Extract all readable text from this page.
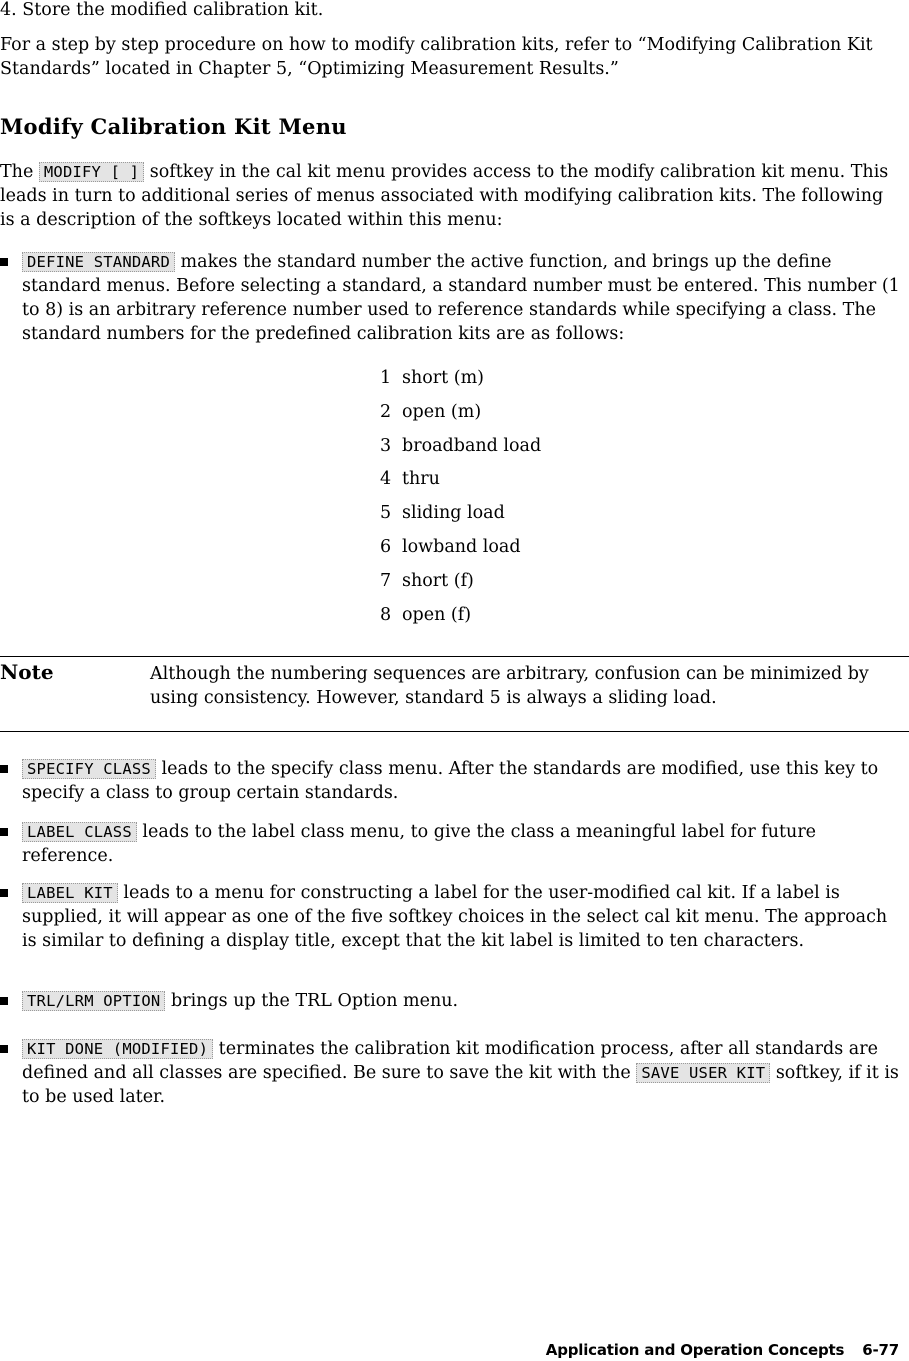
4. Store the modified calibration kit.

For a step by step procedure on how to modify calibration kits, refer to “Modifying Calibration Kit Standards” located in Chapter 5, “Optimizing Measurement Results.”

Modify Calibration Kit Menu

The MODIFY [ ] softkey in the cal kit menu provides access to the modify calibration kit menu. This leads in turn to additional series of menus associated with modifying calibration kits. The following is a description of the softkeys located within this menu:

DEFINE STANDARD makes the standard number the active function, and brings up the define standard menus. Before selecting a standard, a standard number must be entered. This number (1 to 8) is an arbitrary reference number used to reference standards while specifying a class. The standard numbers for the predefined calibration kits are as follows:
1 short (m)
2 open (m)
3 broadband load
4 thru
5 sliding load
6 lowband load
7 short (f)
8 open (f)
Note	Although the numbering sequences are arbitrary, confusion can be minimized by using consistency. However, standard 5 is always a sliding load.
SPECIFY CLASS leads to the specify class menu. After the standards are modified, use this key to specify a class to group certain standards.
LABEL CLASS leads to the label class menu, to give the class a meaningful label for future reference.
LABEL KIT leads to a menu for constructing a label for the user-modified cal kit. If a label is supplied, it will appear as one of the five softkey choices in the select cal kit menu. The approach is similar to defining a display title, except that the kit label is limited to ten characters.
TRL/LRM OPTION brings up the TRL Option menu.
KIT DONE (MODIFIED) terminates the calibration kit modification process, after all standards are defined and all classes are specified. Be sure to save the kit with the SAVE USER KIT softkey, if it is to be used later.
Application and Operation Concepts 6-77
